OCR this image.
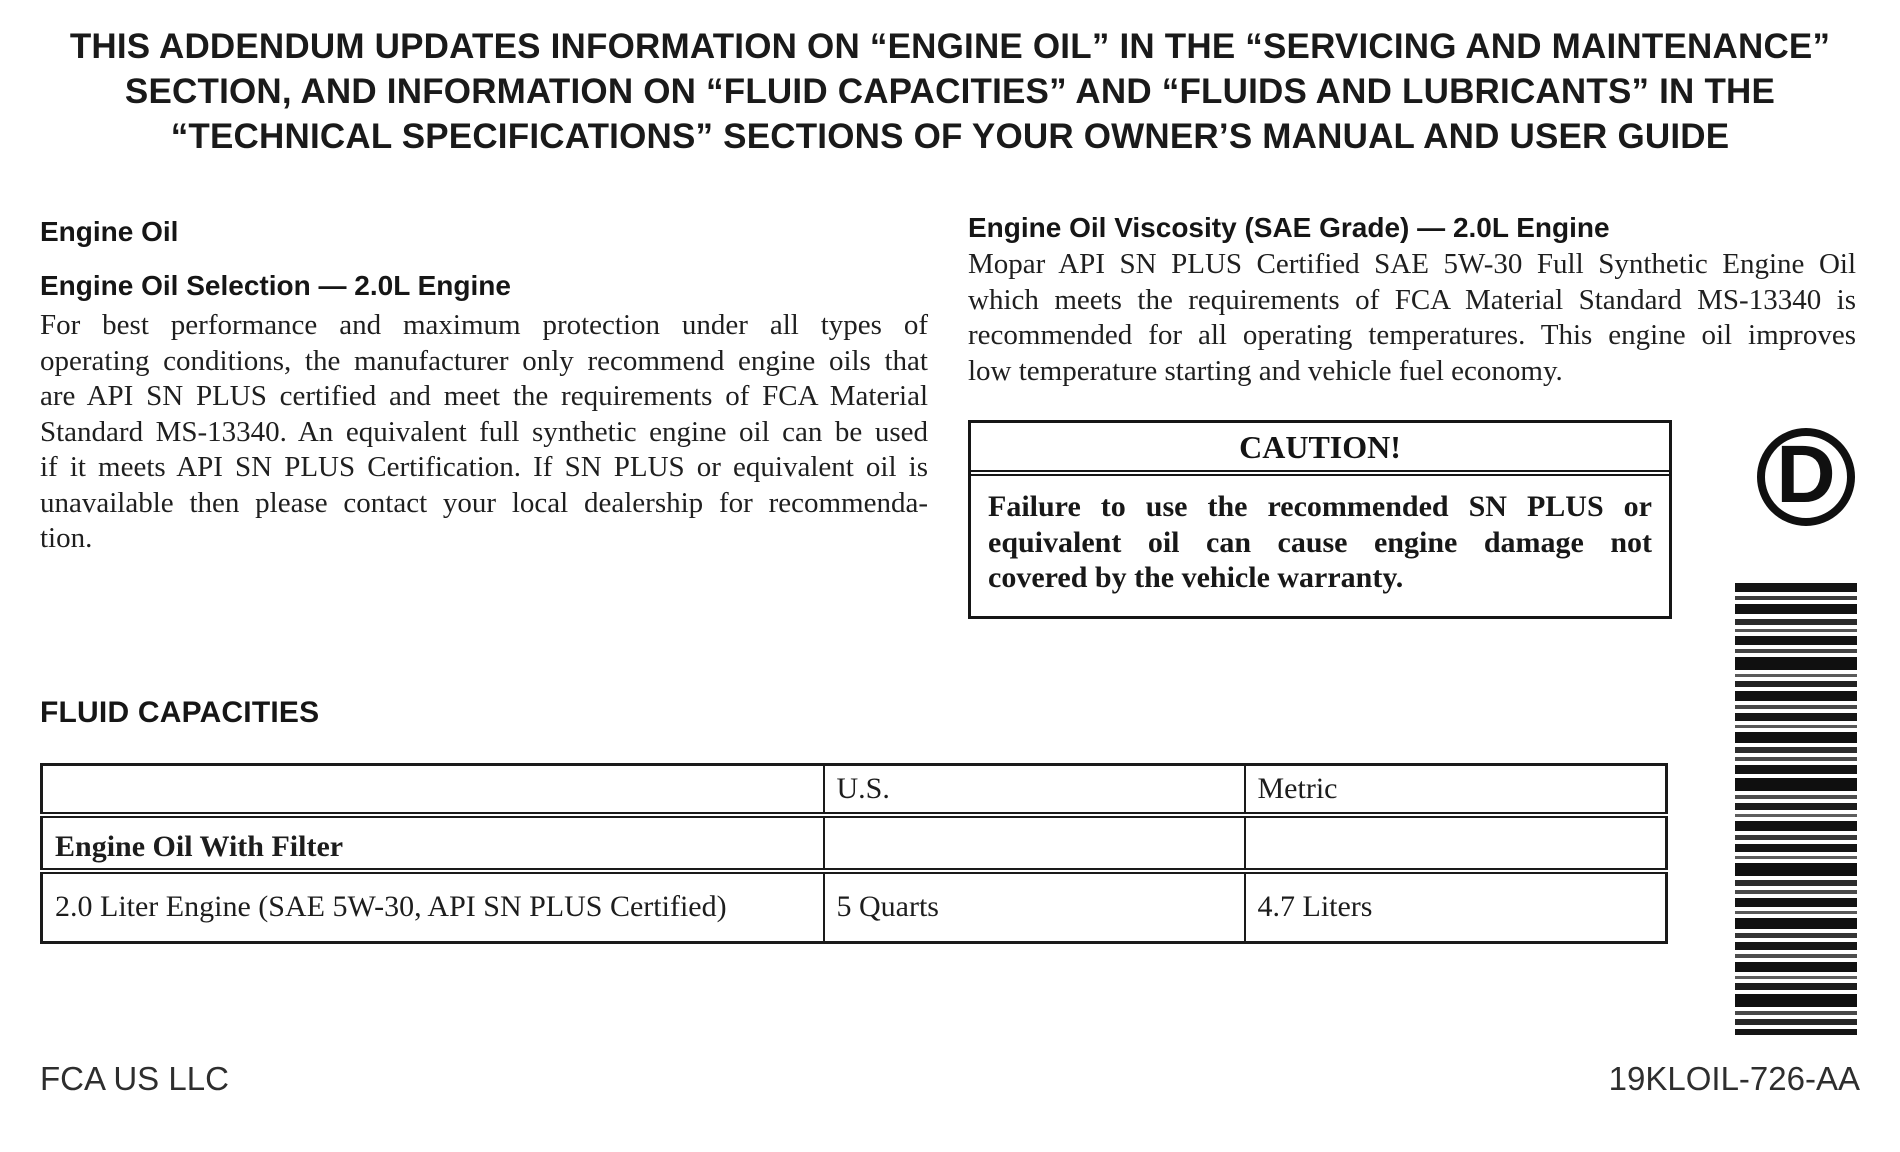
THIS ADDENDUM UPDATES INFORMATION ON “ENGINE OIL” IN THE “SERVICING AND MAINTENANCE”
SECTION, AND INFORMATION ON “FLUID CAPACITIES” AND “FLUIDS AND LUBRICANTS” IN THE
“TECHNICAL SPECIFICATIONS” SECTIONS OF YOUR OWNER’S MANUAL AND USER GUIDE
Engine Oil
Engine Oil Selection — 2.0L Engine
For best performance and maximum protection under all types of
operating conditions, the manufacturer only recommend engine oils that
are API SN PLUS certified and meet the requirements of FCA Material
Standard MS-13340. An equivalent full synthetic engine oil can be used
if it meets API SN PLUS Certification. If SN PLUS or equivalent oil is
unavailable then please contact your local dealership for recommenda-
tion.
Engine Oil Viscosity (SAE Grade) — 2.0L Engine
Mopar API SN PLUS Certified SAE 5W-30 Full Synthetic Engine Oil
which meets the requirements of FCA Material Standard MS-13340 is
recommended for all operating temperatures. This engine oil improves
low temperature starting and vehicle fuel economy.
CAUTION!
Failure to use the recommended SN PLUS or
equivalent oil can cause engine damage not
covered by the vehicle warranty.
D
FLUID CAPACITIES
	U.S.	Metric
Engine Oil With Filter		
2.0 Liter Engine (SAE 5W-30, API SN PLUS Certified)	5 Quarts	4.7 Liters
FCA US LLC	19KLOIL-726-AA
